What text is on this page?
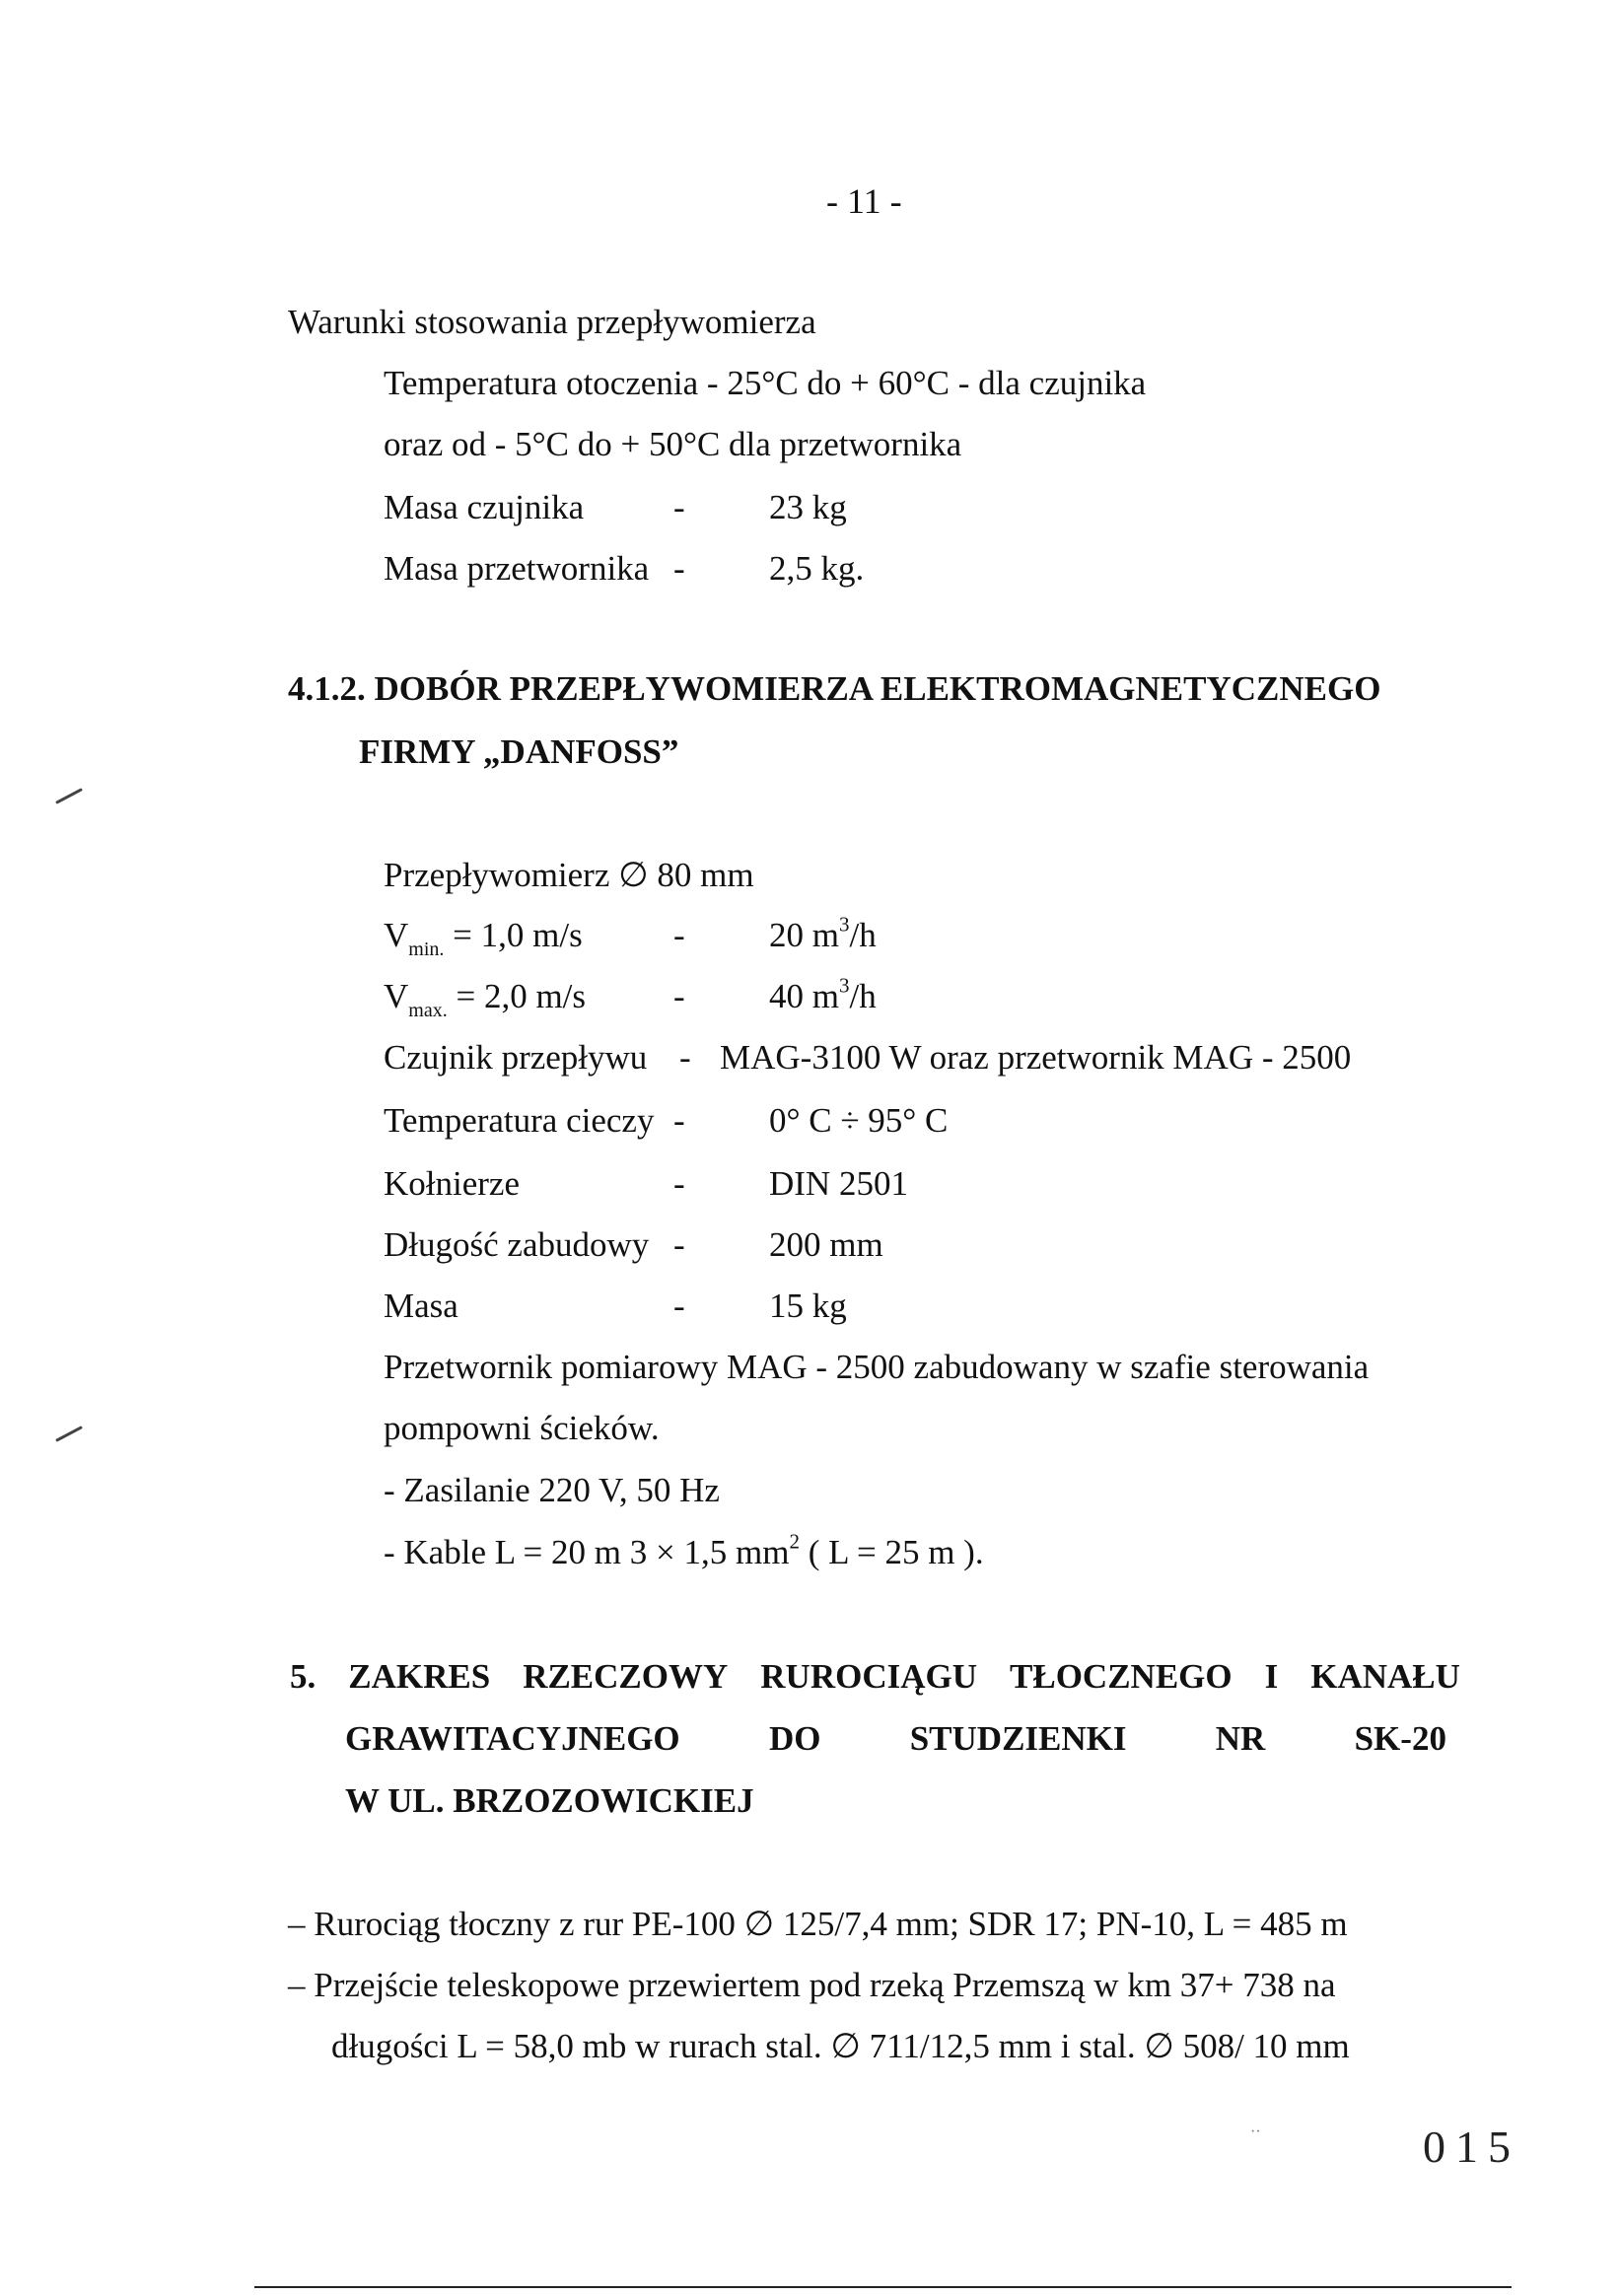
- 11 -
Warunki stosowania przepływomierza
Temperatura otoczenia - 25°C do + 60°C - dla czujnika
oraz od - 5°C do + 50°C dla przetwornika
Masa czujnika	- 23 kg
Masa przetwornika - 2,5 kg.
4.1.2. DOBÓR PRZEPŁYWOMIERZA ELEKTROMAGNETYCZNEGO
FIRMY „DANFOSS”
Przepływomierz ∅ 80 mm
$V_{min.} = 1,0$ m/s	- 20 $m^3/h$
$V_{max.} = 2,0$ m/s	- 40 $m^3/h$
Czujnik przepływu - MAG-3100 W oraz przetwornik MAG - 2500
Temperatura cieczy - 0° C ÷ 95° C
Kołnierze	- DIN 2501
Długość zabudowy - 200 mm
Masa	- 15 kg
Przetwornik pomiarowy MAG - 2500 zabudowany w szafie sterowania
pompowni ścieków.
- Zasilanie 220 V, 50 Hz
- Kable L = 20 m 3 × 1,5 $mm^2$ ( L = 25 m ).
5. ZAKRES RZECZOWY RUROCIĄGU TŁOCZNEGO I KANAŁU
GRAWITACYJNEGO	DO	STUDZIENKI	NR	SK-20
W UL. BRZOZOWICKIEJ
– Rurociąg tłoczny z rur PE-100 ∅ 125/7,4 mm; SDR 17; PN-10, L = 485 m
– Przejście teleskopowe przewiertem pod rzeką Przemszą w km 37+ 738 na
długości L = 58,0 mb w rurach stal. ∅ 711/12,5 mm i stal. ∅ 508/ 10 mm
··	015
